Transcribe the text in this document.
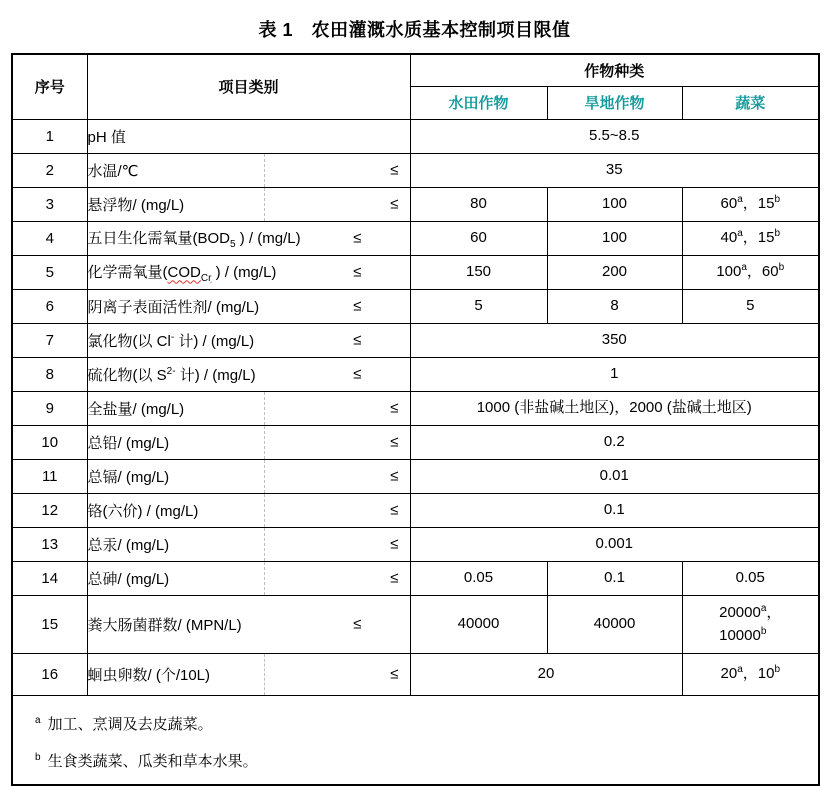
表 1　农田灌溉水质基本控制项目限值
序号	项目类别	作物种类		
		水田作物	旱地作物	蔬菜
1	pH 值	5.5~8.5		
2	水温/℃ ≤	35		
3	悬浮物/ (mg/L) ≤	80	100	60$^a$，15$^b$
4	五日生化需氧量($BOD_5$ ) / (mg/L) ≤	60	100	40$^a$，15$^b$
5	化学需氧量($COD_{Cr}$ ) / (mg/L) ≤	150	200	100$^a$，60$^b$
6	阴离子表面活性剂/ (mg/L) ≤	5	8	5
7	氯化物(以 Cl- 计) / (mg/L) ≤	350		
8	硫化物(以 $S^{2-}$ 计) / (mg/L) ≤	1		
9	全盐量/ (mg/L) ≤	1000 (非盐碱土地区)，2000 (盐碱土地区)		
10	总铅/ (mg/L) ≤	0.2		
11	总镉/ (mg/L) ≤	0.01		
12	铬(六价) / (mg/L) ≤	0.1		
13	总汞/ (mg/L) ≤	0.001		
14	总砷/ (mg/L) ≤	0.05	0.1	0.05
15	粪大肠菌群数/ (MPN/L) ≤	40000	40000	20000$^a$，
10000$^b$
16	蛔虫卵数/ (个/10L) ≤	20		20$^a$，10$^b$

$^a$ 加工、烹调及去皮蔬菜。
$^b$ 生食类蔬菜、瓜类和草本水果。				
